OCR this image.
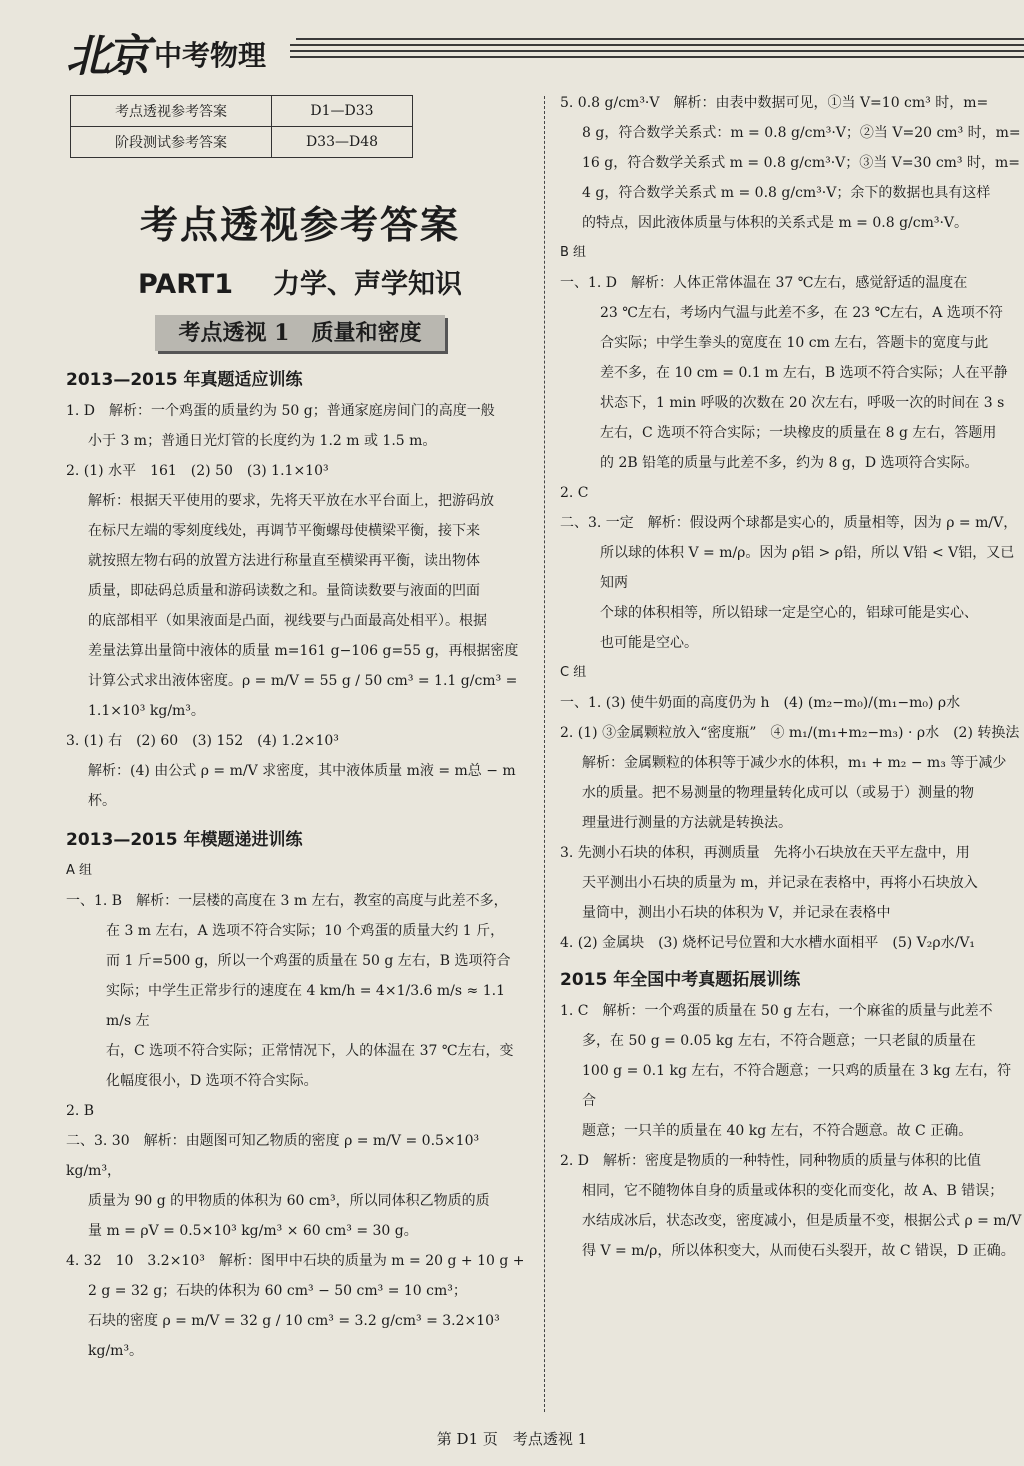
北京 中考物理
考点透视参考答案	D1—D33
阶段测试参考答案	D33—D48
考点透视参考答案
PART1 力学、声学知识
考点透视 1　质量和密度
2013—2015 年真题适应训练

1. D　解析：一个鸡蛋的质量约为 50 g；普通家庭房间门的高度一般

小于 3 m；普通日光灯管的长度约为 1.2 m 或 1.5 m。

2. (1) 水平　161　(2) 50　(3) 1.1×10³

解析：根据天平使用的要求，先将天平放在水平台面上，把游码放

在标尺左端的零刻度线处，再调节平衡螺母使横梁平衡，接下来

就按照左物右码的放置方法进行称量直至横梁再平衡，读出物体

质量，即砝码总质量和游码读数之和。量筒读数要与液面的凹面

的底部相平（如果液面是凸面，视线要与凸面最高处相平）。根据

差量法算出量筒中液体的质量 m=161 g−106 g=55 g，再根据密度

计算公式求出液体密度。ρ = m/V = 55 g / 50 cm³ = 1.1 g/cm³ =

1.1×10³ kg/m³。

3. (1) 右　(2) 60　(3) 152　(4) 1.2×10³

解析：(4) 由公式 ρ = m/V 求密度，其中液体质量 m液 = m总 − m杯。

2013—2015 年模题递进训练

A 组

一、1. B　解析：一层楼的高度在 3 m 左右，教室的高度与此差不多，

在 3 m 左右，A 选项不符合实际；10 个鸡蛋的质量大约 1 斤，

而 1 斤=500 g，所以一个鸡蛋的质量在 50 g 左右，B 选项符合

实际；中学生正常步行的速度在 4 km/h = 4×1/3.6 m/s ≈ 1.1 m/s 左

右，C 选项不符合实际；正常情况下，人的体温在 37 ℃左右，变

化幅度很小，D 选项不符合实际。

2. B

二、3. 30　解析：由题图可知乙物质的密度 ρ = m/V = 0.5×10³ kg/m³，

质量为 90 g 的甲物质的体积为 60 cm³，所以同体积乙物质的质

量 m = ρV = 0.5×10³ kg/m³ × 60 cm³ = 30 g。

4. 32　10　3.2×10³　解析：图甲中石块的质量为 m = 20 g + 10 g +

2 g = 32 g；石块的体积为 60 cm³ − 50 cm³ = 10 cm³；

石块的密度 ρ = m/V = 32 g / 10 cm³ = 3.2 g/cm³ = 3.2×10³ kg/m³。

5. 0.8 g/cm³·V　解析：由表中数据可见，①当 V=10 cm³ 时，m=

8 g，符合数学关系式：m = 0.8 g/cm³·V；②当 V=20 cm³ 时，m=

16 g，符合数学关系式 m = 0.8 g/cm³·V；③当 V=30 cm³ 时，m=

4 g，符合数学关系式 m = 0.8 g/cm³·V；余下的数据也具有这样

的特点，因此液体质量与体积的关系式是 m = 0.8 g/cm³·V。

B 组

一、1. D　解析：人体正常体温在 37 ℃左右，感觉舒适的温度在

23 ℃左右，考场内气温与此差不多，在 23 ℃左右，A 选项不符

合实际；中学生拳头的宽度在 10 cm 左右，答题卡的宽度与此

差不多，在 10 cm = 0.1 m 左右，B 选项不符合实际；人在平静

状态下，1 min 呼吸的次数在 20 次左右，呼吸一次的时间在 3 s

左右，C 选项不符合实际；一块橡皮的质量在 8 g 左右，答题用

的 2B 铅笔的质量与此差不多，约为 8 g，D 选项符合实际。

2. C

二、3. 一定　解析：假设两个球都是实心的，质量相等，因为 ρ = m/V，

所以球的体积 V = m/ρ。因为 ρ铝 > ρ铅，所以 V铅 < V铝，又已知两

个球的体积相等，所以铅球一定是空心的，铝球可能是实心、

也可能是空心。

C 组

一、1. (3) 使牛奶面的高度仍为 h　(4) (m₂−m₀)/(m₁−m₀) ρ水

2. (1) ③金属颗粒放入“密度瓶”　④ m₁/(m₁+m₂−m₃) · ρ水　(2) 转换法

解析：金属颗粒的体积等于减少水的体积，m₁ + m₂ − m₃ 等于减少

水的质量。把不易测量的物理量转化成可以（或易于）测量的物

理量进行测量的方法就是转换法。

3. 先测小石块的体积，再测质量　先将小石块放在天平左盘中，用

天平测出小石块的质量为 m，并记录在表格中，再将小石块放入

量筒中，测出小石块的体积为 V，并记录在表格中

4. (2) 金属块　(3) 烧杯记号位置和大水槽水面相平　(5) V₂ρ水/V₁

2015 年全国中考真题拓展训练

1. C　解析：一个鸡蛋的质量在 50 g 左右，一个麻雀的质量与此差不

多，在 50 g = 0.05 kg 左右，不符合题意；一只老鼠的质量在

100 g = 0.1 kg 左右，不符合题意；一只鸡的质量在 3 kg 左右，符合

题意；一只羊的质量在 40 kg 左右，不符合题意。故 C 正确。

2. D　解析：密度是物质的一种特性，同种物质的质量与体积的比值

相同，它不随物体自身的质量或体积的变化而变化，故 A、B 错误；

水结成冰后，状态改变，密度减小，但是质量不变，根据公式 ρ = m/V

得 V = m/ρ，所以体积变大，从而使石头裂开，故 C 错误，D 正确。

第 D1 页　考点透视 1
